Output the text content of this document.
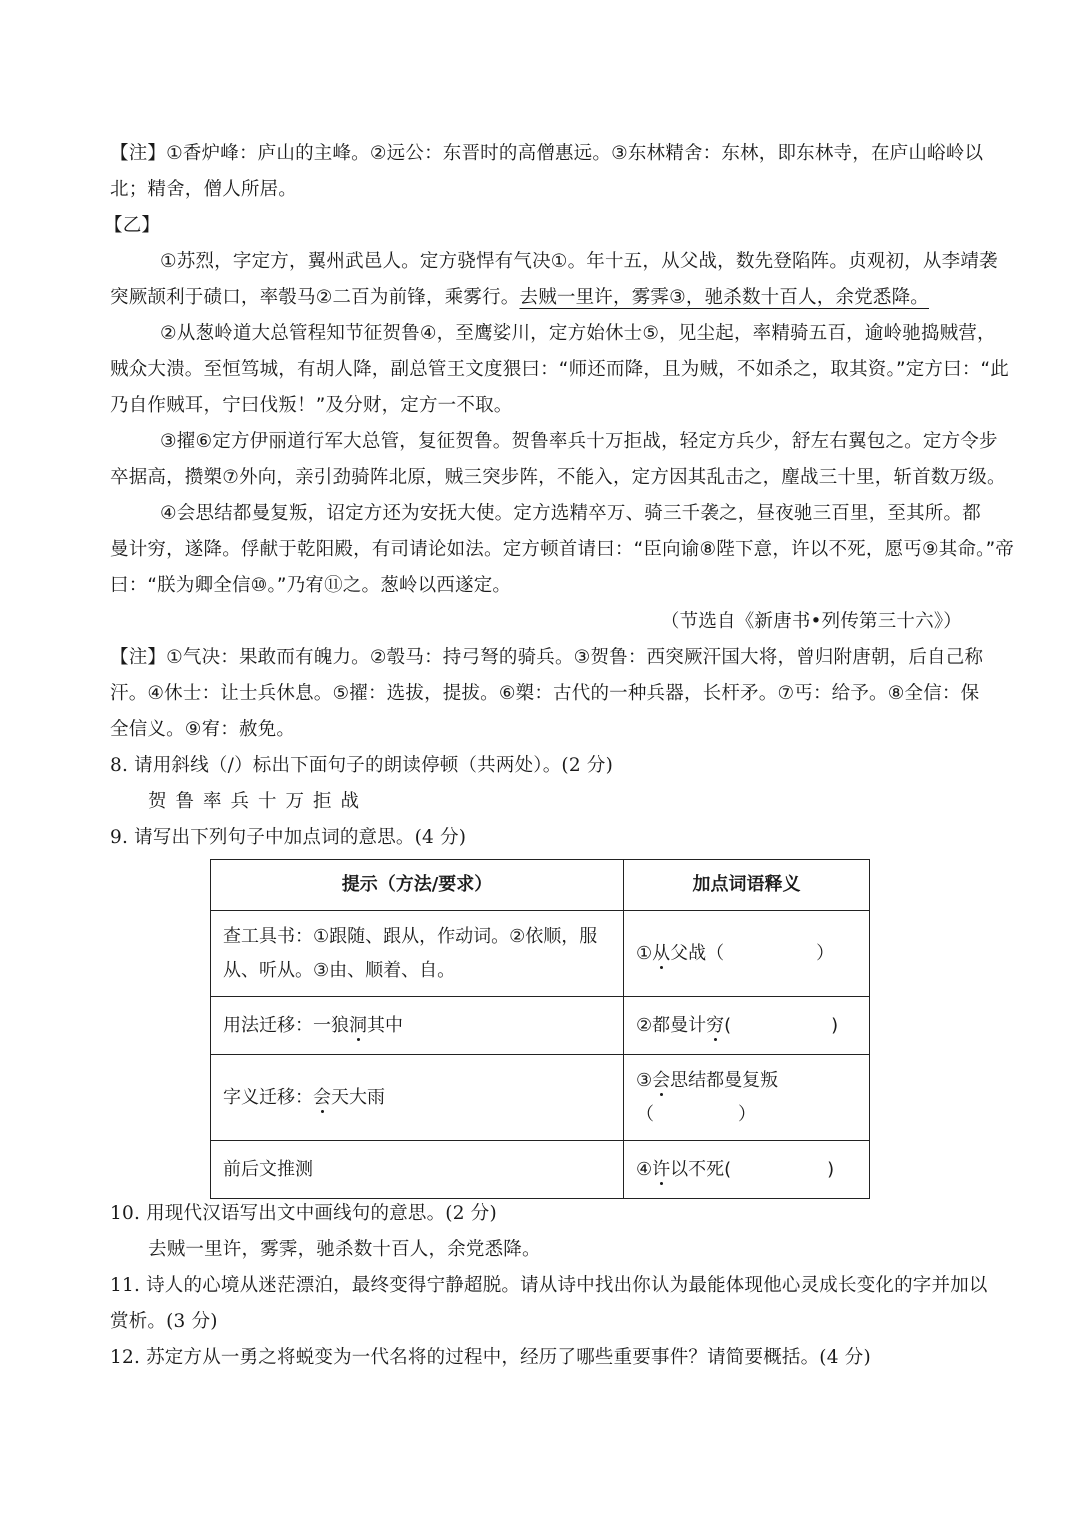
【注】①香炉峰：庐山的主峰。②远公：东晋时的高僧惠远。③东林精舍：东林，即东林寺，在庐山峪岭以
北；精舍，僧人所居。
【乙】
①苏烈，字定方，翼州武邑人。定方骁悍有气决①。年十五，从父战，数先登陷阵。贞观初，从李靖袭
突厥颉利于碛口，率彀马②二百为前锋，乘雾行。去贼一里许，雾霁③，驰杀数十百人，余党悉降。
②从葱岭道大总管程知节征贺鲁④，至鹰娑川，定方始休士⑤，见尘起，率精骑五百，逾岭驰捣贼营，
贼众大溃。至恒笃城，有胡人降，副总管王文度猥曰：“师还而降，且为贼，不如杀之，取其资。”定方曰：“此
乃自作贼耳，宁曰伐叛！”及分财，定方一不取。
③擢⑥定方伊丽道行军大总管，复征贺鲁。贺鲁率兵十万拒战，轻定方兵少，舒左右翼包之。定方令步
卒据高，攒槊⑦外向，亲引劲骑阵北原，贼三突步阵，不能入，定方因其乱击之，麈战三十里，斩首数万级。
④会思结都曼复叛，诏定方还为安抚大使。定方选精卒万、骑三千袭之，昼夜驰三百里，至其所。都
曼计穷，遂降。俘献于乾阳殿，有司请论如法。定方顿首请曰：“臣向谕⑧陛下意，许以不死，愿丐⑨其命。”帝
曰：“朕为卿全信⑩。”乃宥⑪之。葱岭以西遂定。
（节选自《新唐书•列传第三十六》）
【注】①气决：果敢而有魄力。②彀马：持弓弩的骑兵。③贺鲁：西突厥汗国大将，曾归附唐朝，后自己称
汗。④休士：让士兵休息。⑤擢：选拔，提拔。⑥槊：古代的一种兵器，长杆矛。⑦丐：给予。⑧全信：保
全信义。⑨宥：赦免。
8. 请用斜线（/）标出下面句子的朗读停顿（共两处）。(2 分)
贺鲁率兵十万拒战
9. 请写出下列句子中加点词的意思。(4 分)
提示（方法/要求）	加点词语释义

查工具书：①跟随、跟从，作动词。②依顺，服
从、听从。③由、顺着、自。	①从父战（ ）
用法迁移：一狼洞其中	②都曼计穷( )
字义迁移：会天大雨	③会思结都曼复叛
（ ）

前后文推测	④许以不死( )
10. 用现代汉语写出文中画线句的意思。(2 分)
去贼一里许，雾霁，驰杀数十百人，余党悉降。
11. 诗人的心境从迷茫漂泊，最终变得宁静超脱。请从诗中找出你认为最能体现他心灵成长变化的字并加以
赏析。(3 分)
12. 苏定方从一勇之将蜕变为一代名将的过程中，经历了哪些重要事件？请简要概括。(4 分)
